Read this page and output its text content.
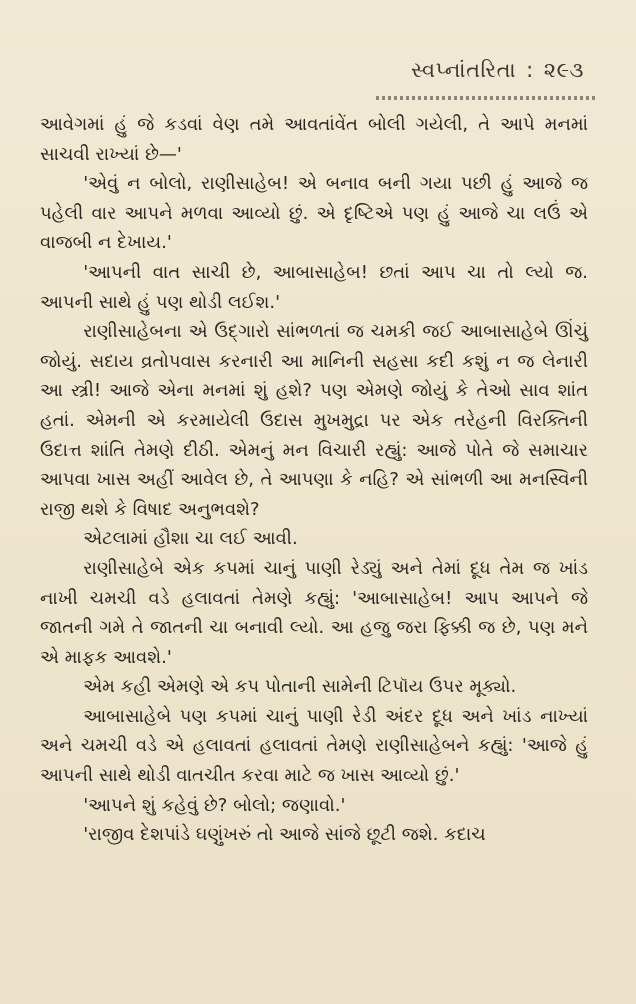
સ્વપ્નાંતરિતા : ૨૯૩

આવેગમાં હું જે કડવાં વેણ તમે આવતાંવેંત બોલી ગયેલી, તે આપે મનમાં સાચવી રાખ્યાં છે—'

'એવું ન બોલો, રાણીસાહેબ! એ બનાવ બની ગયા પછી હું આજે જ પહેલી વાર આપને મળવા આવ્યો છું. એ દૃષ્ટિએ પણ હું આજે ચા લઉં એ વાજબી ન દેખાય.'

'આપની વાત સાચી છે, આબાસાહેબ! છતાં આપ ચા તો લ્યો જ. આપની સાથે હું પણ થોડી લઈશ.'

રાણીસાહેબના એ ઉદ્ગારો સાંભળતાં જ ચમકી જઈ આબાસાહેબે ઊંચું જોયું. સદાય વ્રતોપવાસ કરનારી આ માનિની સહસા કદી કશું ન જ લેનારી આ સ્ત્રી! આજે એના મનમાં શું હશે? પણ એમણે જોયું કે તેઓ સાવ શાંત હતાં. એમની એ કરમાયેલી ઉદાસ મુખમુદ્રા પર એક તરેહની વિરક્તિની ઉદાત્ત શાંતિ તેમણે દીઠી. એમનું મન વિચારી રહ્યું: આજે પોતે જે સમાચાર આપવા ખાસ અહીં આવેલ છે, તે આપણા કે નહિ? એ સાંભળી આ મનસ્વિની રાજી થશે કે વિષાદ અનુભવશે?

એટલામાં હૌશા ચા લઈ આવી.

રાણીસાહેબે એક કપમાં ચાનું પાણી રેડ્યું અને તેમાં દૂધ તેમ જ ખાંડ નાખી ચમચી વડે હલાવતાં તેમણે કહ્યું: 'આબાસાહેબ! આપ આપને જે જાતની ગમે તે જાતની ચા બનાવી લ્યો. આ હજુ જરા ફિક્કી જ છે, પણ મને એ માફક આવશે.'

એમ કહી એમણે એ કપ પોતાની સામેની ટિપૉય ઉપર મૂક્યો.

આબાસાહેબે પણ કપમાં ચાનું પાણી રેડી અંદર દૂધ અને ખાંડ નાખ્યાં અને ચમચી વડે એ હલાવતાં હલાવતાં તેમણે રાણીસાહેબને કહ્યું: 'આજે હું આપની સાથે થોડી વાતચીત કરવા માટે જ ખાસ આવ્યો છું.'

'આપને શું કહેવું છે? બોલો; જણાવો.'

'રાજીવ દેશપાંડે ઘણુંખરું તો આજે સાંજે છૂટી જશે. કદાચ
